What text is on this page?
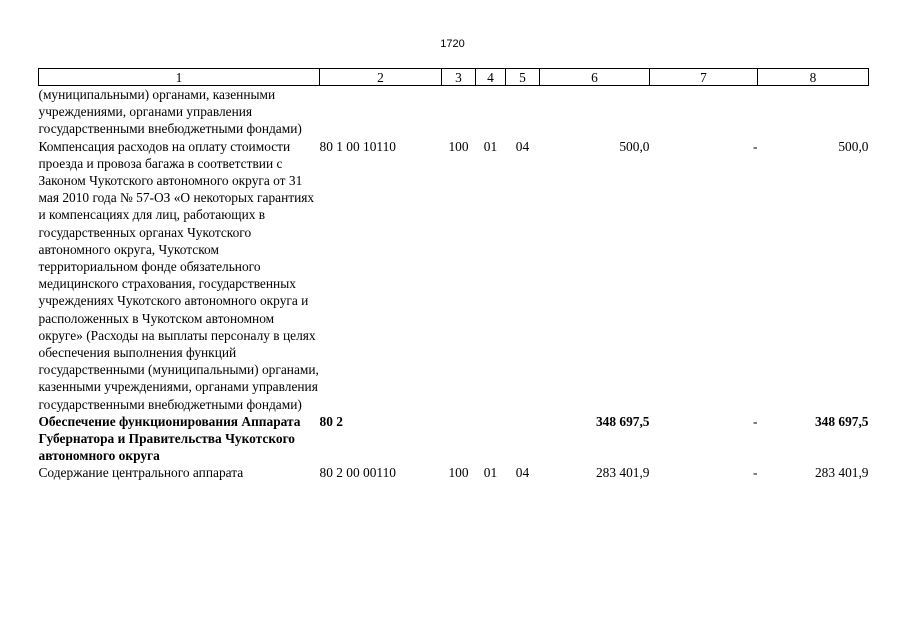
1720
1	2	3	4	5	6	7	8
(муниципальными) органами, казенными учреждениями, органами управления государственными внебюджетными фондами)							
Компенсация расходов на оплату стоимости проезда и провоза багажа в соответствии с Законом Чукотского автономного округа от 31 мая 2010 года № 57-ОЗ «О некоторых гарантиях и компенсациях для лиц, работающих в государственных органах Чукотского автономного округа, Чукотском территориальном фонде обязательного медицинского страхования, государственных учреждениях Чукотского автономного округа и расположенных в Чукотском автономном округе» (Расходы на выплаты персоналу в целях обеспечения выполнения функций государственными (муниципальными) органами, казенными учреждениями, органами управления государственными внебюджетными фондами)	80 1 00 10110	100	01	04	500,0	-	500,0
Обеспечение функционирования Аппарата Губернатора и Правительства Чукотского автономного округа	80 2				348 697,5	-	348 697,5
Содержание центрального аппарата	80 2 00 00110	100	01	04	283 401,9	-	283 401,9
